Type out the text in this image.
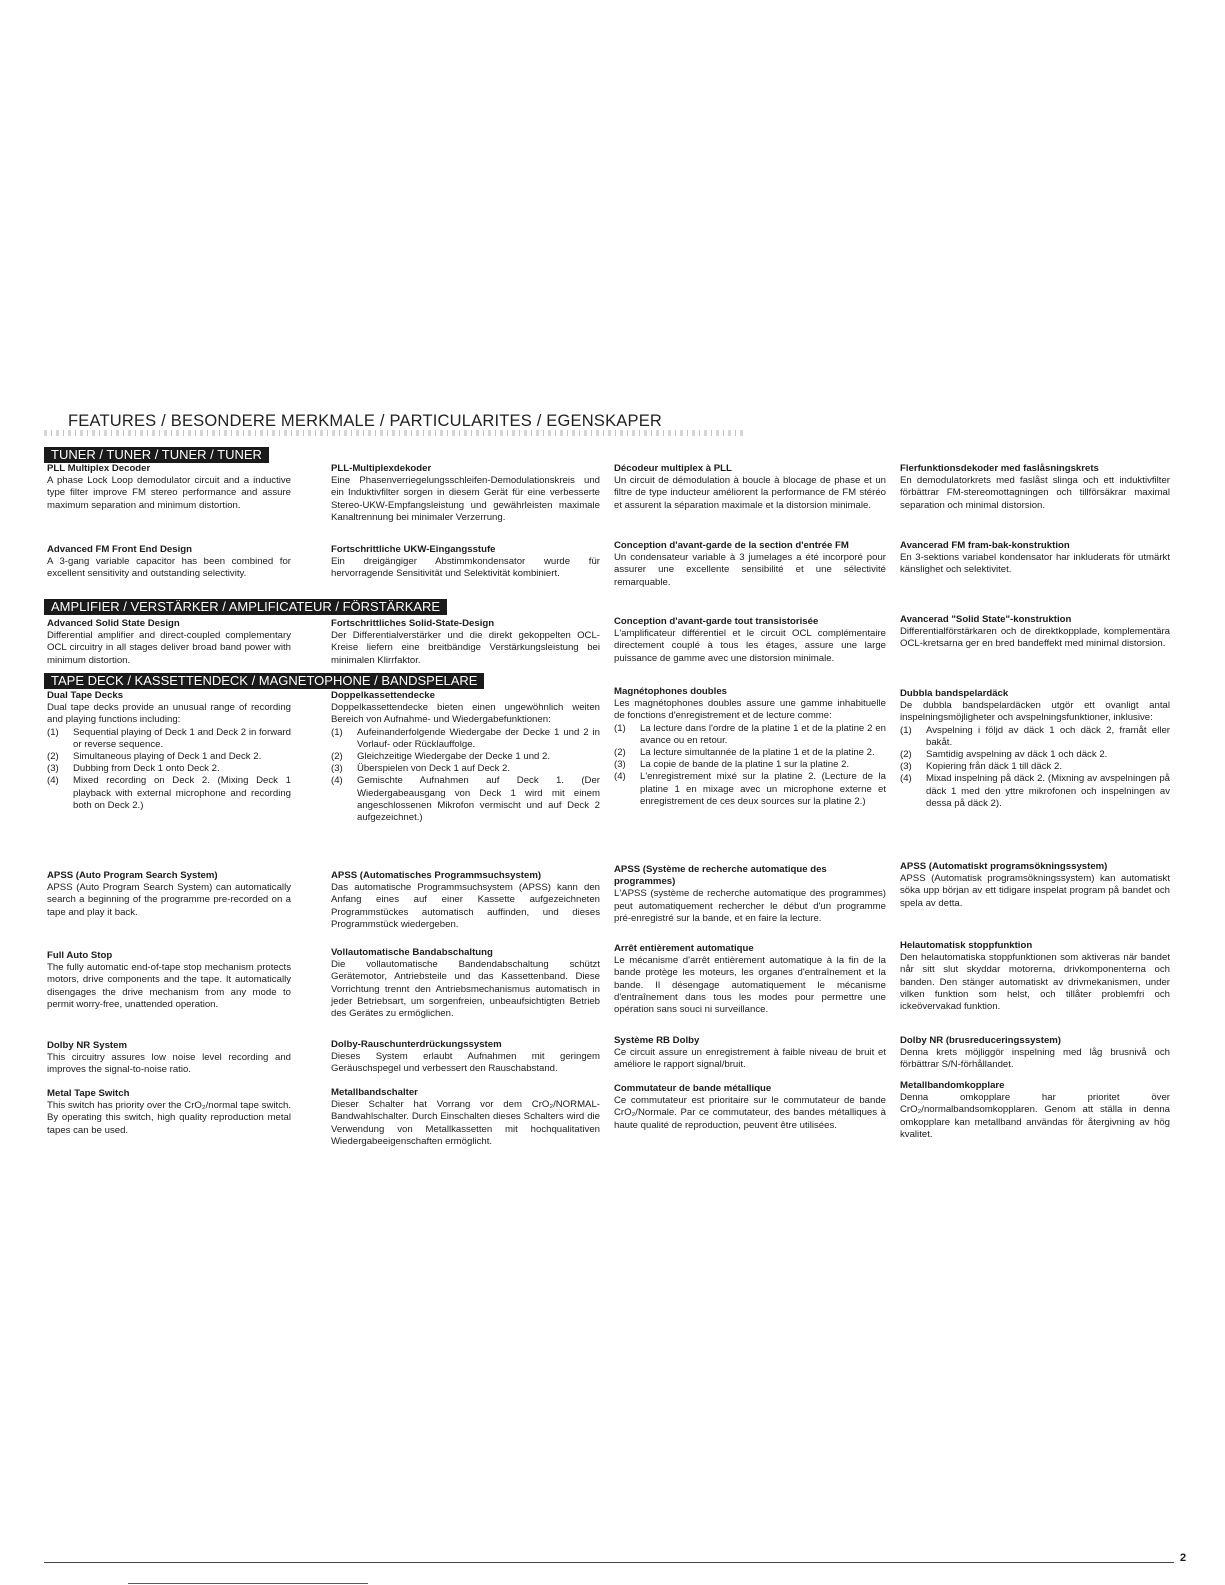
FEATURES / BESONDERE MERKMALE / PARTICULARITES / EGENSKAPER
TUNER / TUNER / TUNER / TUNER
AMPLIFIER / VERSTÄRKER / AMPLIFICATEUR / FÖRSTÄRKARE
TAPE DECK / KASSETTENDECK / MAGNETOPHONE / BANDSPELARE
PLL Multiplex Decoder

A phase Lock Loop demodulator circuit and a inductive type filter improve FM stereo performance and assure maximum separation and minimum distortion.

Advanced FM Front End Design

A 3-gang variable capacitor has been combined for excellent sensitivity and outstanding selectivity.

Advanced Solid State Design

Differential amplifier and direct-coupled complementary OCL circuitry in all stages deliver broad band power with minimum distortion.

Dual Tape Decks

Dual tape decks provide an unusual range of recording and playing functions including:

(1) Sequential playing of Deck 1 and Deck 2 in forward or reverse sequence.
(2) Simultaneous playing of Deck 1 and Deck 2.
(3) Dubbing from Deck 1 onto Deck 2.
(4) Mixed recording on Deck 2. (Mixing Deck 1 playback with external microphone and recording both on Deck 2.)
APSS (Auto Program Search System)

APSS (Auto Program Search System) can automatically search a beginning of the programme pre-recorded on a tape and play it back.

Full Auto Stop

The fully automatic end-of-tape stop mechanism protects motors, drive components and the tape. It automatically disengages the drive mechanism from any mode to permit worry-free, unattended operation.

Dolby NR System

This circuitry assures low noise level recording and improves the signal-to-noise ratio.

Metal Tape Switch

This switch has priority over the CrO₂/normal tape switch. By operating this switch, high quality reproduction metal tapes can be used.

PLL-Multiplexdekoder

Eine Phasenverriegelungsschleifen-Demodulationskreis und ein Induktivfilter sorgen in diesem Gerät für eine verbesserte Stereo-UKW-Empfangsleistung und gewährleisten maximale Kanaltrennung bei minimaler Verzerrung.

Fortschrittliche UKW-Eingangsstufe

Ein dreigängiger Abstimmkondensator wurde für hervorragende Sensitivität und Selektivität kombiniert.

Fortschrittliches Solid-State-Design

Der Differentialverstärker und die direkt gekoppelten OCL-Kreise liefern eine breitbändige Verstärkungsleistung bei minimalen Klirrfaktor.

Doppelkassettendecke

Doppelkassettendecke bieten einen ungewöhnlich weiten Bereich von Aufnahme- und Wiedergabefunktionen:

(1) Aufeinanderfolgende Wiedergabe der Decke 1 und 2 in Vorlauf- oder Rücklauffolge.
(2) Gleichzeitige Wiedergabe der Decke 1 und 2.
(3) Überspielen von Deck 1 auf Deck 2.
(4) Gemischte Aufnahmen auf Deck 1. (Der Wiedergabeausgang von Deck 1 wird mit einem angeschlossenen Mikrofon vermischt und auf Deck 2 aufgezeichnet.)
APSS (Automatisches Programmsuchsystem)

Das automatische Programmsuchsystem (APSS) kann den Anfang eines auf einer Kassette aufgezeichneten Programmstückes automatisch auffinden, und dieses Programmstück wiedergeben.

Vollautomatische Bandabschaltung

Die vollautomatische Bandendabschaltung schützt Gerätemotor, Antriebsteile und das Kassettenband. Diese Vorrichtung trennt den Antriebsmechanismus automatisch in jeder Betriebsart, um sorgenfreien, unbeaufsichtigten Betrieb des Gerätes zu ermöglichen.

Dolby-Rauschunterdrückungssystem

Dieses System erlaubt Aufnahmen mit geringem Geräuschspegel und verbessert den Rauschabstand.

Metallbandschalter

Dieser Schalter hat Vorrang vor dem CrO₂/NORMAL-Bandwahlschalter. Durch Einschalten dieses Schalters wird die Verwendung von Metallkassetten mit hochqualitativen Wiedergabeeigenschaften ermöglicht.

Décodeur multiplex à PLL

Un circuit de démodulation à boucle à blocage de phase et un filtre de type inducteur améliorent la performance de FM stéréo et assurent la séparation maximale et la distorsion minimale.

Conception d'avant-garde de la section d'entrée FM

Un condensateur variable à 3 jumelages a été incorporé pour assurer une excellente sensibilité et une sélectivité remarquable.

Conception d'avant-garde tout transistorisée

L'amplificateur différentiel et le circuit OCL complémentaire directement couplé à tous les étages, assure une large puissance de gamme avec une distorsion minimale.

Magnétophones doubles

Les magnétophones doubles assure une gamme inhabituelle de fonctions d'enregistrement et de lecture comme:

(1) La lecture dans l'ordre de la platine 1 et de la platine 2 en avance ou en retour.
(2) La lecture simultannée de la platine 1 et de la platine 2.
(3) La copie de bande de la platine 1 sur la platine 2.
(4) L'enregistrement mixé sur la platine 2. (Lecture de la platine 1 en mixage avec un microphone externe et enregistrement de ces deux sources sur la platine 2.)
APSS (Système de recherche automatique des programmes)

L'APSS (système de recherche automatique des programmes) peut automatiquement rechercher le début d'un programme pré-enregistré sur la bande, et en faire la lecture.

Arrêt entièrement automatique

Le mécanisme d'arrêt entièrement automatique à la fin de la bande protège les moteurs, les organes d'entraînement et la bande. Il désengage automatiquement le mécanisme d'entraînement dans tous les modes pour permettre une opération sans souci ni surveillance.

Système RB Dolby

Ce circuit assure un enregistrement à faible niveau de bruit et améliore le rapport signal/bruit.

Commutateur de bande métallique

Ce commutateur est prioritaire sur le commutateur de bande CrO₂/Normale. Par ce commutateur, des bandes métalliques à haute qualité de reproduction, peuvent être utilisées.

Flerfunktionsdekoder med faslåsningskrets

En demodulatorkrets med faslåst slinga och ett induktivfilter förbättrar FM-stereomottagningen och tillförsäkrar maximal separation och minimal distorsion.

Avancerad FM fram-bak-konstruktion

En 3-sektions variabel kondensator har inkluderats för utmärkt känslighet och selektivitet.

Avancerad "Solid State"-konstruktion

Differentialförstärkaren och de direktkopplade, komplementära OCL-kretsarna ger en bred bandeffekt med minimal distorsion.

Dubbla bandspelardäck

De dubbla bandspelardäcken utgör ett ovanligt antal inspelningsmöjligheter och avspelningsfunktioner, inklusive:

(1) Avspelning i följd av däck 1 och däck 2, framåt eller bakåt.
(2) Samtidig avspelning av däck 1 och däck 2.
(3) Kopiering från däck 1 till däck 2.
(4) Mixad inspelning på däck 2. (Mixning av avspelningen på däck 1 med den yttre mikrofonen och inspelningen av dessa på däck 2).
APSS (Automatiskt programsökningssystem)

APSS (Automatisk programsökningssystem) kan automatiskt söka upp början av ett tidigare inspelat program på bandet och spela av detta.

Helautomatisk stoppfunktion

Den helautomatiska stoppfunktionen som aktiveras när bandet når sitt slut skyddar motorerna, drivkomponenterna och banden. Den stänger automatiskt av drivmekanismen, under vilken funktion som helst, och tillåter problemfri och ickeövervakad funktion.

Dolby NR (brusreduceringssystem)

Denna krets möjliggör inspelning med låg brusnivå och förbättrar S/N-förhållandet.

Metallbandomkopplare

Denna omkopplare har prioritet över CrO₂/normalbandsomkopplaren. Genom att ställa in denna omkopplare kan metallband användas för återgivning av hög kvalitet.

2
